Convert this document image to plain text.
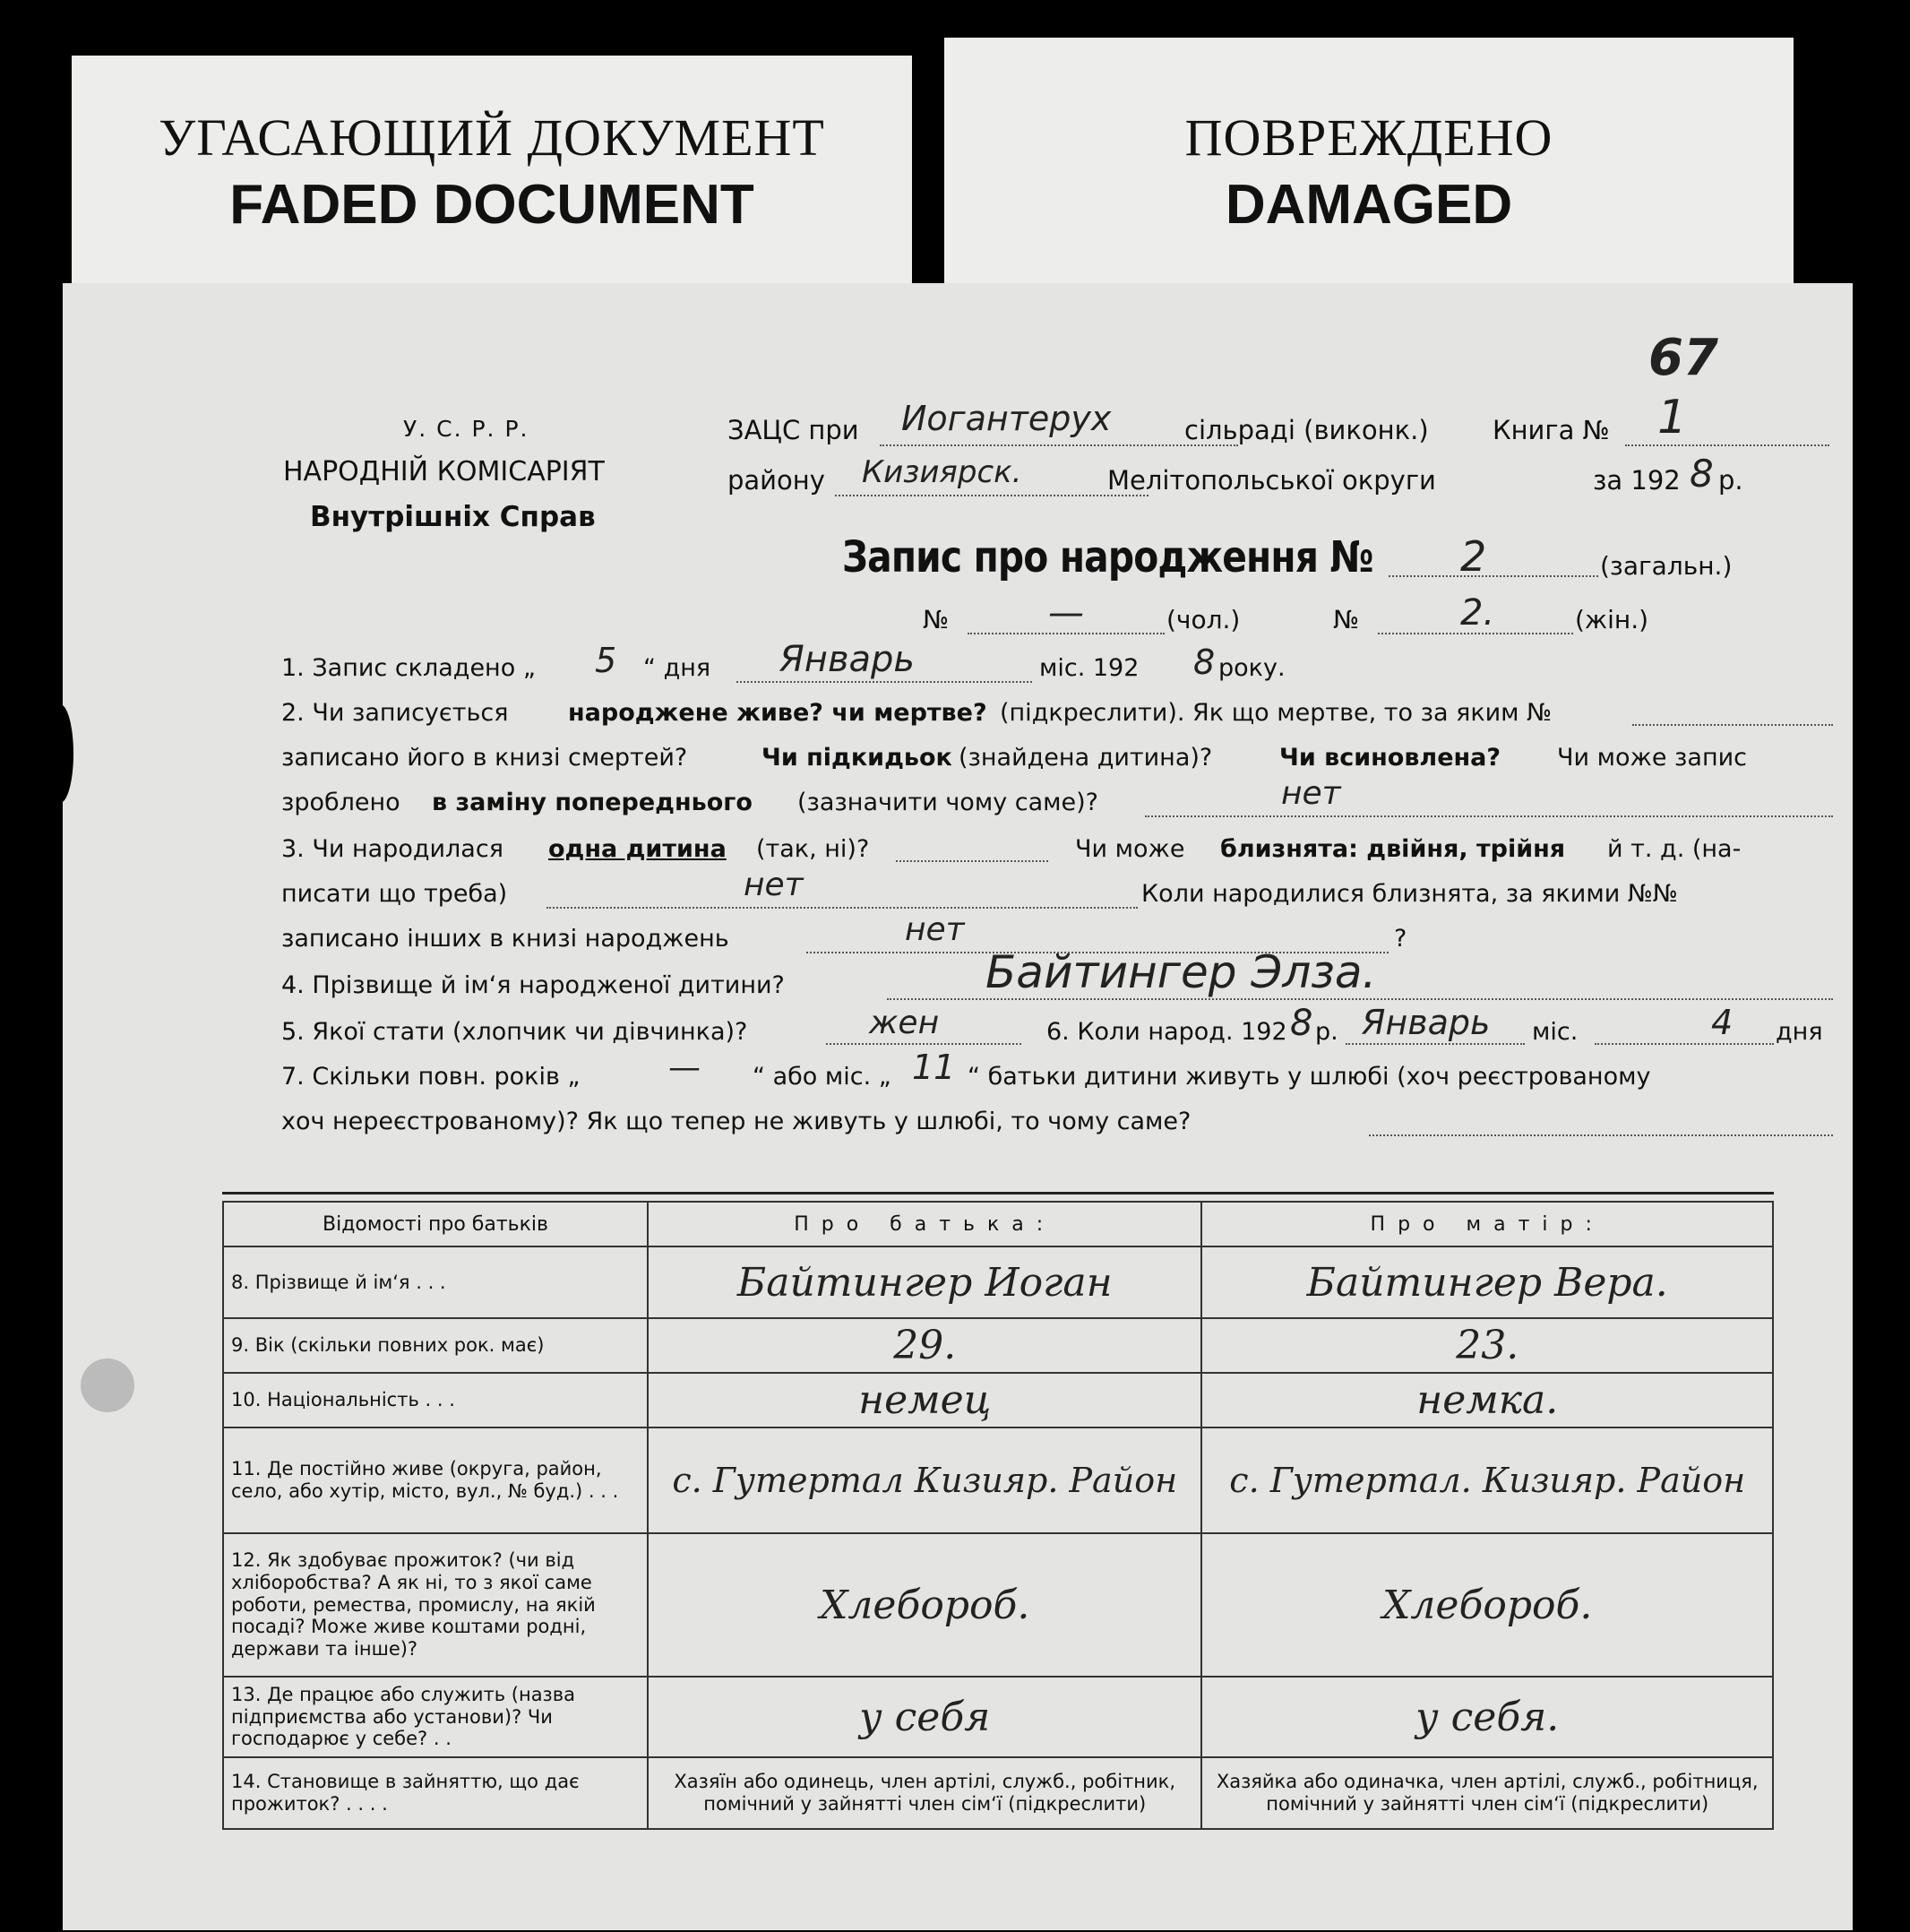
УГАСАЮЩИЙ ДОКУМЕНТ
FADED DOCUMENT
ПОВРЕЖДЕНО
DAMAGED
67
У. С. Р. Р.
НАРОДНІЙ КОМІСАРІЯТ
Внутрішніх Справ
ЗАЦС при Иогантерух	сільраді (виконк.) Книга № 1
району Кизиярск.	Мелітопольської округи	за 192 8 р.
Запис про народження № 2	(загальн.)
№	—	(чол.)	№	2.	(жін.)
1. Запис складено „ 5 “ дня Январь	міс. 192 8 року.
2. Чи записується народжене живе? чи мертве? (підкреслити). Як що мертве, то за яким №
записано його в книзі смертей?	Чи підкидьок (знайдена дитина)?	Чи всиновлена? Чи може запис
зроблено в заміну попереднього (зазначити чому саме)?	нет
3. Чи народилася одна дитина (так, ні)?	Чи може близнята: двійня, трійня й т. д. (на-
писати що треба)	нет	Коли народилися близнята, за якими №№
записано інших в книзі народжень	нет	?
4. Прізвище й ім‘я народженої дитини?	Байтингер Элза.
5. Якої стати (хлопчик чи дівчинка)?	жен	6. Коли народ. 192 8 р. Январь міс.	4 дня
7. Скільки повн. років „	— “ або міс. „ 11 “ батьки дитини живуть у шлюбі (хоч реєстрованому
хоч нереєстрованому)? Як що тепер не живуть у шлюбі, то чому саме?
Відомості про батьків	Про батька:	Про матір:
8. Прізвище й ім‘я . . .	Байтингер Иоган	Байтингер Вера.
9. Вік (скільки повних рок. має)	29.	23.
10. Національність . . .	немец	немка.
11. Де постійно живе (округа, район, село, або хутір, місто, вул., № буд.) . . .	с. Гутертал Кизияр. Район	с. Гутертал. Кизияр. Район
12. Як здобуває прожиток? (чи від хліборобства? А як ні, то з якої саме роботи, ремества, промислу, на якій посаді? Може живе коштами родні, держави та інше)?	Хлебороб.	Хлебороб.
13. Де працює або служить (назва підприємства або установи)? Чи господарює у себе? . .	у себя	у себя.
14. Становище в зайняттю, що дає прожиток? . . . .	Хазяїн або одинець, член артілі, служб., робітник, помічний у зайнятті член сім‘ї (підкреслити)	Хазяйка або одиначка, член артілі, служб., робітниця, помічний у зайнятті член сім‘ї (підкреслити)
